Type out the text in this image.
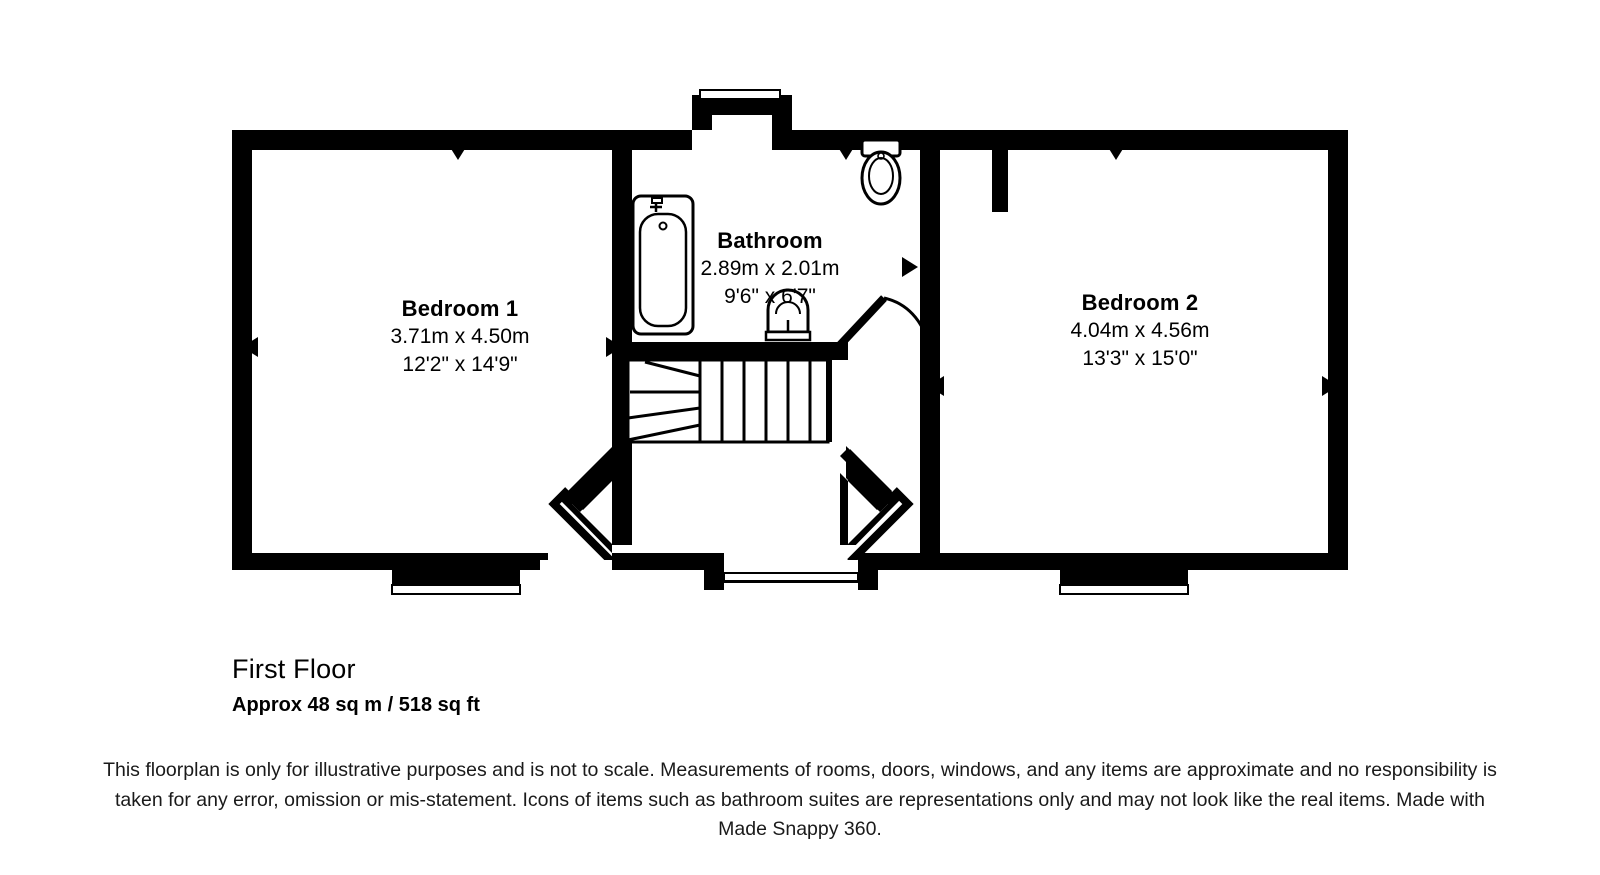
Bedroom 1
3.71m x 4.50m
12'2" x 14'9"
Bathroom
2.89m x 2.01m
9'6" x 6'7"	Bedroom 2
4.04m x 4.56m
13'3" x 15'0"
First Floor
Approx 48 sq m / 518 sq ft
This floorplan is only for illustrative purposes and is not to scale. Measurements of rooms, doors, windows, and any items are approximate and no responsibility is taken for any error, omission or mis-statement. Icons of items such as bathroom suites are representations only and may not look like the real items. Made with Made Snappy 360.
